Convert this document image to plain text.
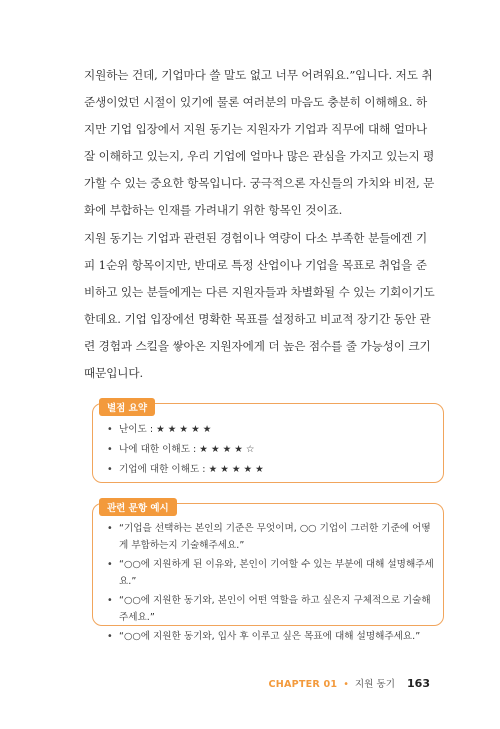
지원하는 건데, 기업마다 쓸 말도 없고 너무 어려워요.”입니다. 저도 취
준생이었던 시절이 있기에 물론 여러분의 마음도 충분히 이해해요. 하
지만 기업 입장에서 지원 동기는 지원자가 기업과 직무에 대해 얼마나
잘 이해하고 있는지, 우리 기업에 얼마나 많은 관심을 가지고 있는지 평
가할 수 있는 중요한 항목입니다. 궁극적으론 자신들의 가치와 비전, 문
화에 부합하는 인재를 가려내기 위한 항목인 것이죠.
지원 동기는 기업과 관련된 경험이나 역량이 다소 부족한 분들에겐 기
피 1순위 항목이지만, 반대로 특정 산업이나 기업을 목표로 취업을 준
비하고 있는 분들에게는 다른 지원자들과 차별화될 수 있는 기회이기도
한데요. 기업 입장에선 명확한 목표를 설정하고 비교적 장기간 동안 관
련 경험과 스킬을 쌓아온 지원자에게 더 높은 점수를 줄 가능성이 크기
때문입니다.
별점 요약
• 난이도 : ★ ★ ★ ★ ★
• 나에 대한 이해도 : ★ ★ ★ ★ ☆
• 기업에 대한 이해도 : ★ ★ ★ ★ ★
관련 문항 예시
• “기업을 선택하는 본인의 기준은 무엇이며, ○○ 기업이 그러한 기준에 어떻게 부합하는지 기술해주세요.”
• “○○에 지원하게 된 이유와, 본인이 기여할 수 있는 부분에 대해 설명해주세요.”
• “○○에 지원한 동기와, 본인이 어떤 역할을 하고 싶은지 구체적으로 기술해주세요.”
• “○○에 지원한 동기와, 입사 후 이루고 싶은 목표에 대해 설명해주세요.”
CHAPTER 01 • 지원 동기 163
